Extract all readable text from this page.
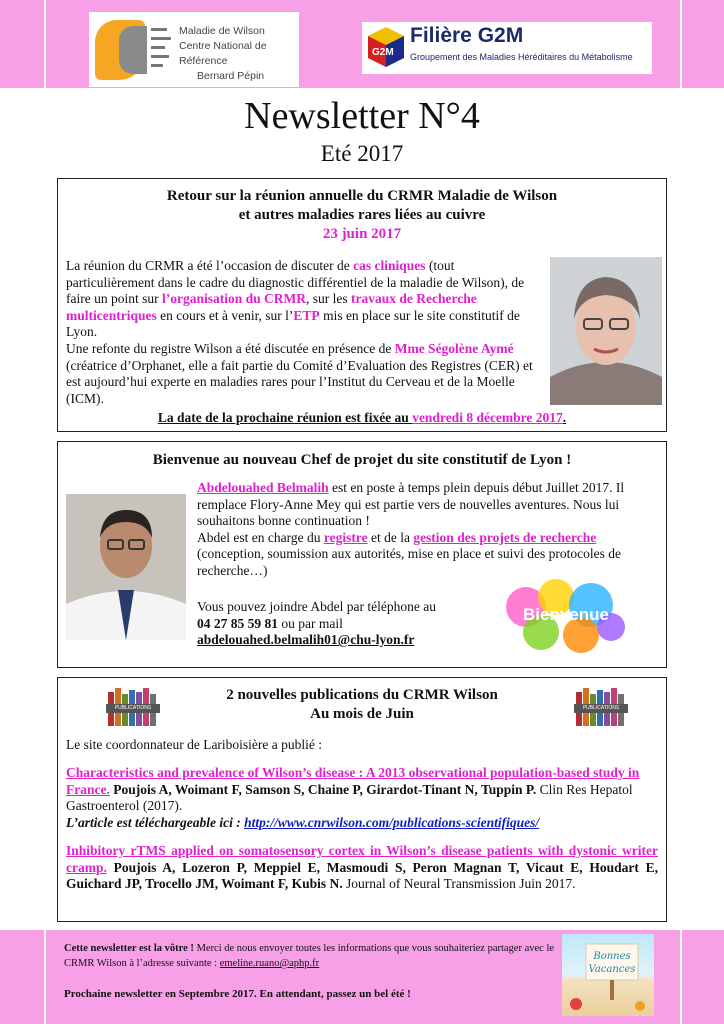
Maladie de Wilson
Centre National de Référence
Bernard Pépin
G2M
Filière G2M
Groupement des Maladies Héréditaires du Métabolisme
Newsletter N°4
Eté 2017
Retour sur la réunion annuelle du CRMR Maladie de Wilson
et autres maladies rares liées au cuivre
23 juin 2017
La réunion du CRMR a été l’occasion de discuter de cas cliniques (tout particulièrement dans le cadre du diagnostic différentiel de la maladie de Wilson), de faire un point sur l’organisation du CRMR, sur les travaux de Recherche multicentriques en cours et à venir, sur l’ETP mis en place sur le site constitutif de Lyon.
Une refonte du registre Wilson a été discutée en présence de Mme Ségolène Aymé (créatrice d’Orphanet, elle a fait partie du Comité d’Evaluation des Registres (CER) et est aujourd’hui experte en maladies rares pour l’Institut du Cerveau et de la Moelle (ICM).
La date de la prochaine réunion est fixée au vendredi 8 décembre 2017.
Bienvenue au nouveau Chef de projet du site constitutif de Lyon !
Abdelouahed Belmalih est en poste à temps plein depuis début Juillet 2017. Il remplace Flory-Anne Mey qui est partie vers de nouvelles aventures. Nous lui souhaitons bonne continuation !
Abdel est en charge du registre et de la gestion des projets de recherche (conception, soumission aux autorités, mise en place et suivi des protocoles de recherche…)
Vous pouvez joindre Abdel par téléphone au
04 27 85 59 81 ou par mail
abdelouahed.belmalih01@chu-lyon.fr
Bienvenue
PUBLICATIONS	PUBLICATIONS
2 nouvelles publications du CRMR Wilson
Au mois de Juin
Le site coordonnateur de Lariboisière a publié :
Characteristics and prevalence of Wilson’s disease : A 2013 observational population-based study in France. Poujois A, Woimant F, Samson S, Chaine P, Girardot-Tinant N, Tuppin P. Clin Res Hepatol Gastroenterol (2017).
L’article est téléchargeable ici : http://www.cnrwilson.com/publications-scientifiques/
Inhibitory rTMS applied on somatosensory cortex in Wilson’s disease patients with dystonic writer cramp. Poujois A, Lozeron P, Meppiel E, Masmoudi S, Peron Magnan T, Vicaut E, Houdart E, Guichard JP, Trocello JM, Woimant F, Kubis N. Journal of Neural Transmission Juin 2017.
Cette newsletter est la vôtre ! Merci de nous envoyer toutes les informations que vous souhaiteriez partager avec le CRMR Wilson à l’adresse suivante : emeline.ruano@aphp.fr
Prochaine newsletter en Septembre 2017. En attendant, passez un bel été !
Bonnes
Vacances
